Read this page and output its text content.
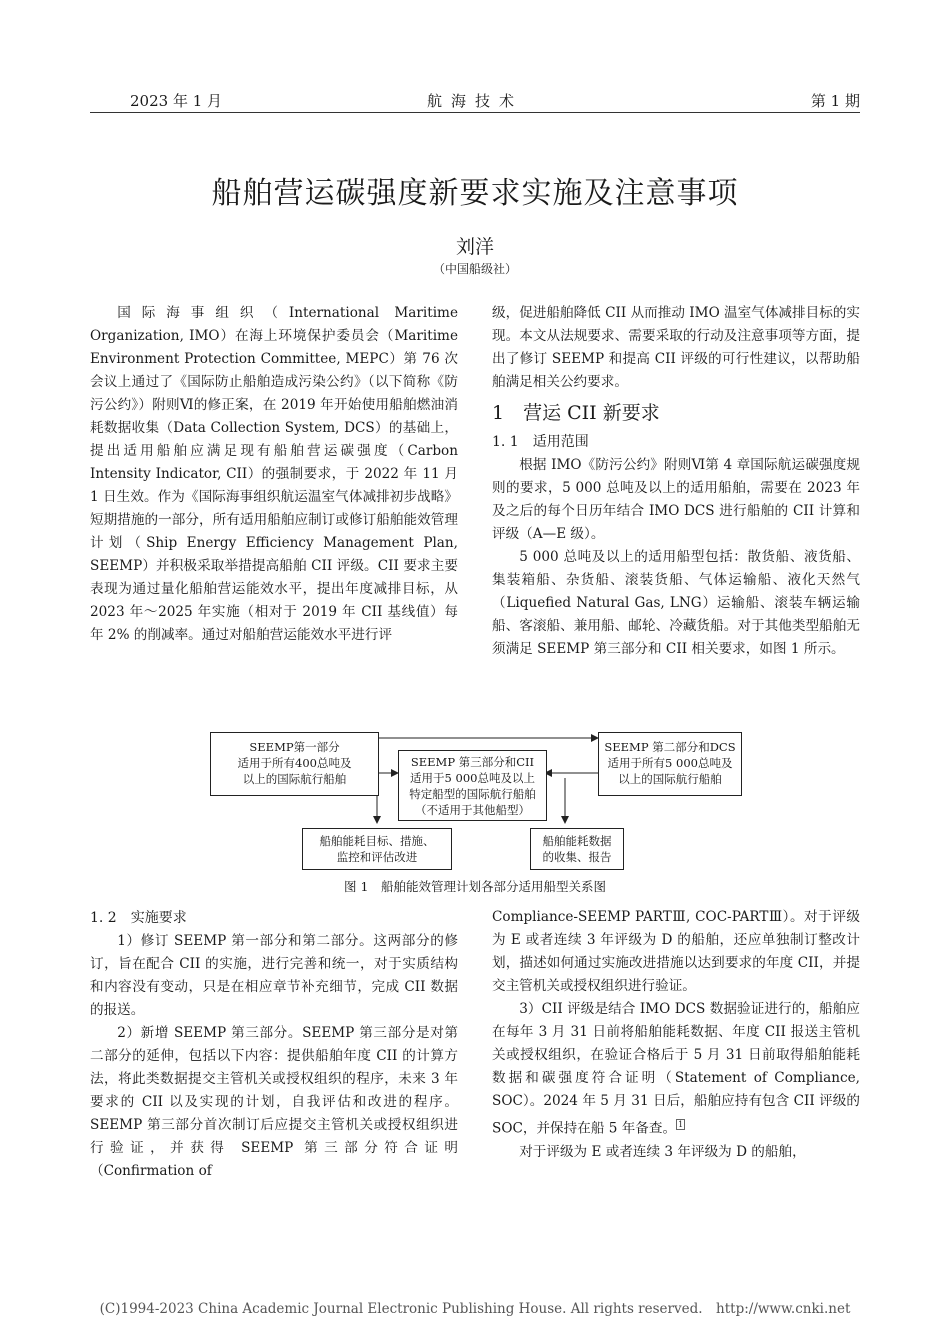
2023 年 1 月	航海技术	第 1 期
船舶营运碳强度新要求实施及注意事项
刘洋
（中国船级社）

国际海事组织（International Maritime Organization, IMO）在海上环境保护委员会（Maritime Environment Protection Committee, MEPC）第 76 次会议上通过了《国际防止船舶造成污染公约》（以下简称《防污公约》）附则Ⅵ的修正案，在 2019 年开始使用船舶燃油消耗数据收集（Data Collection System, DCS）的基础上，提出适用船舶应满足现有船舶营运碳强度（Carbon Intensity Indicator, CII）的强制要求，于 2022 年 11 月 1 日生效。作为《国际海事组织航运温室气体减排初步战略》短期措施的一部分，所有适用船舶应制订或修订船舶能效管理计划（Ship Energy Efficiency Management Plan, SEEMP）并积极采取举措提高船舶 CII 评级。CII 要求主要表现为通过量化船舶营运能效水平，提出年度减排目标，从 2023 年～2025 年实施（相对于 2019 年 CII 基线值）每年 2% 的削减率。通过对船舶营运能效水平进行评

级，促进船舶降低 CII 从而推动 IMO 温室气体减排目标的实现。本文从法规要求、需要采取的行动及注意事项等方面，提出了修订 SEEMP 和提高 CII 评级的可行性建议，以帮助船舶满足相关公约要求。

1　营运 CII 新要求
1. 1　适用范围

根据 IMO《防污公约》附则Ⅵ第 4 章国际航运碳强度规则的要求，5 000 总吨及以上的适用船舶，需要在 2023 年及之后的每个日历年结合 IMO DCS 进行船舶的 CII 计算和评级（A—E 级）。

5 000 总吨及以上的适用船型包括：散货船、液货船、集装箱船、杂货船、滚装货船、气体运输船、液化天然气（Liquefied Natural Gas, LNG）运输船、滚装车辆运输船、客滚船、兼用船、邮轮、冷藏货船。对于其他类型船舶无须满足 SEEMP 第三部分和 CII 相关要求，如图 1 所示。

SEEMP第一部分
适用于所有400总吨及
以上的国际航行船舶
SEEMP 第三部分和CII
适用于5 000总吨及以上
特定船型的国际航行船舶
（不适用于其他船型）
SEEMP 第二部分和DCS
适用于所有5 000总吨及
以上的国际航行船舶
船舶能耗目标、措施、
监控和评估改进
船舶能耗数据
的收集、报告
图 1　船舶能效管理计划各部分适用船型关系图
1. 2　实施要求

1）修订 SEEMP 第一部分和第二部分。这两部分的修订，旨在配合 CII 的实施，进行完善和统一，对于实质结构和内容没有变动，只是在相应章节补充细节，完成 CII 数据的报送。

2）新增 SEEMP 第三部分。SEEMP 第三部分是对第二部分的延伸，包括以下内容：提供船舶年度 CII 的计算方法，将此类数据提交主管机关或授权组织的程序，未来 3 年要求的 CII 以及实现的计划，自我评估和改进的程序。SEEMP 第三部分首次制订后应提交主管机关或授权组织进行验证，并获得 SEEMP 第三部分符合证明（Confirmation of

Compliance-SEEMP PARTⅢ, COC-PARTⅢ）。对于评级为 E 或者连续 3 年评级为 D 的船舶，还应单独制订整改计划，描述如何通过实施改进措施以达到要求的年度 CII，并提交主管机关或授权组织进行验证。

3）CII 评级是结合 IMO DCS 数据验证进行的，船舶应在每年 3 月 31 日前将船舶能耗数据、年度 CII 报送主管机关或授权组织，在验证合格后于 5 月 31 日前取得船舶能耗数据和碳强度符合证明（Statement of Compliance, SOC）。2024 年 5 月 31 日后，船舶应持有包含 CII 评级的 SOC，并保持在船 5 年备查。 $^1$

对于评级为 E 或者连续 3 年评级为 D 的船舶，

(C)1994-2023 China Academic Journal Electronic Publishing House. All rights reserved.　http://www.cnki.net
